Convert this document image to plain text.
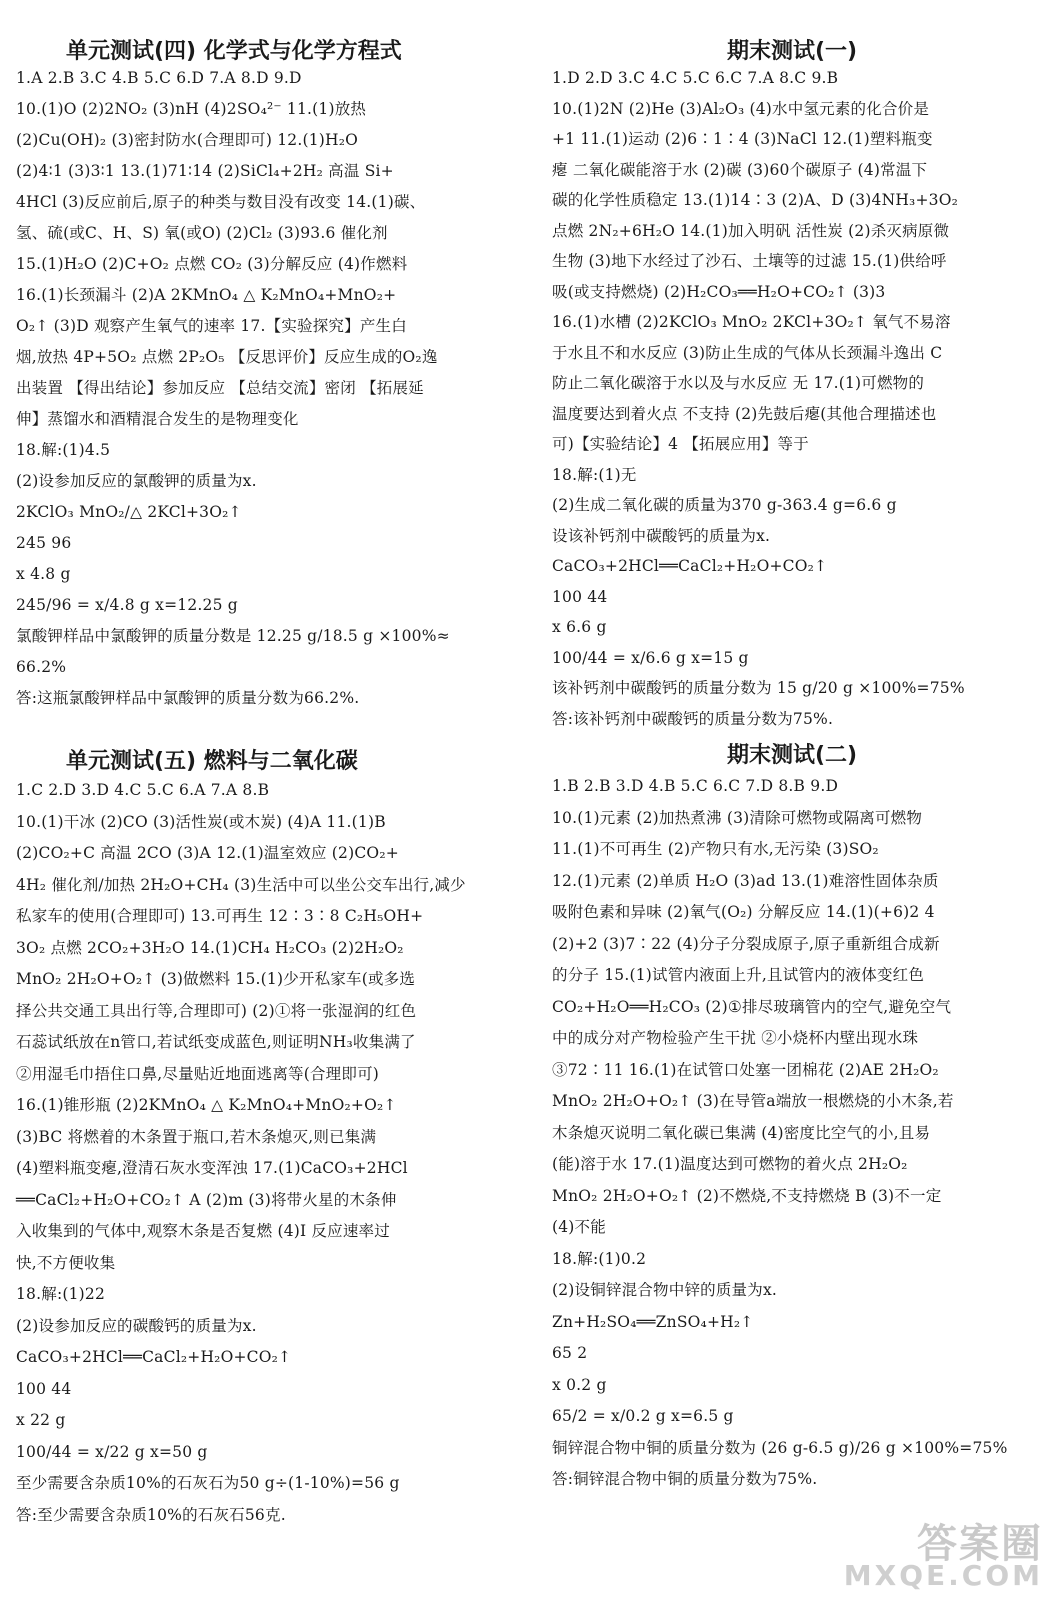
单元测试(四) 化学式与化学方程式
1.A 2.B 3.C 4.B 5.C 6.D 7.A 8.D 9.D
10.(1)O (2)2NO₂ (3)nH (4)2SO₄²⁻ 11.(1)放热
(2)Cu(OH)₂ (3)密封防水(合理即可) 12.(1)H₂O
(2)4∶1 (3)3∶1 13.(1)71∶14 (2)SiCl₄+2H₂ 高温 Si+
4HCl (3)反应前后,原子的种类与数目没有改变 14.(1)碳、
氢、硫(或C、H、S) 氧(或O) (2)Cl₂ (3)93.6 催化剂
15.(1)H₂O (2)C+O₂ 点燃 CO₂ (3)分解反应 (4)作燃料
16.(1)长颈漏斗 (2)A 2KMnO₄ △ K₂MnO₄+MnO₂+
O₂↑ (3)D 观察产生氧气的速率 17.【实验探究】产生白
烟,放热 4P+5O₂ 点燃 2P₂O₅ 【反思评价】反应生成的O₂逸
出装置 【得出结论】参加反应 【总结交流】密闭 【拓展延
伸】蒸馏水和酒精混合发生的是物理变化
18.解:(1)4.5
(2)设参加反应的氯酸钾的质量为x.
2KClO₃ MnO₂/△ 2KCl+3O₂↑
245 96
x 4.8 g
245/96 = x/4.8 g x=12.25 g
氯酸钾样品中氯酸钾的质量分数是 12.25 g/18.5 g ×100%≈
66.2%
答:这瓶氯酸钾样品中氯酸钾的质量分数为66.2%.
单元测试(五) 燃料与二氧化碳
1.C 2.D 3.D 4.C 5.C 6.A 7.A 8.B
10.(1)干冰 (2)CO (3)活性炭(或木炭) (4)A 11.(1)B
(2)CO₂+C 高温 2CO (3)A 12.(1)温室效应 (2)CO₂+
4H₂ 催化剂/加热 2H₂O+CH₄ (3)生活中可以坐公交车出行,减少
私家车的使用(合理即可) 13.可再生 12∶3∶8 C₂H₅OH+
3O₂ 点燃 2CO₂+3H₂O 14.(1)CH₄ H₂CO₃ (2)2H₂O₂
MnO₂ 2H₂O+O₂↑ (3)做燃料 15.(1)少开私家车(或多选
择公共交通工具出行等,合理即可) (2)①将一张湿润的红色
石蕊试纸放在n管口,若试纸变成蓝色,则证明NH₃收集满了
②用湿毛巾捂住口鼻,尽量贴近地面逃离等(合理即可)
16.(1)锥形瓶 (2)2KMnO₄ △ K₂MnO₄+MnO₂+O₂↑
(3)BC 将燃着的木条置于瓶口,若木条熄灭,则已集满
(4)塑料瓶变瘪,澄清石灰水变浑浊 17.(1)CaCO₃+2HCl
══CaCl₂+H₂O+CO₂↑ A (2)m (3)将带火星的木条伸
入收集到的气体中,观察木条是否复燃 (4)Ⅰ 反应速率过
快,不方便收集
18.解:(1)22
(2)设参加反应的碳酸钙的质量为x.
CaCO₃+2HCl══CaCl₂+H₂O+CO₂↑
100 44
x 22 g
100/44 = x/22 g x=50 g
至少需要含杂质10%的石灰石为50 g÷(1-10%)=56 g
答:至少需要含杂质10%的石灰石56克.
期末测试(一)
1.D 2.D 3.C 4.C 5.C 6.C 7.A 8.C 9.B
10.(1)2N (2)He (3)Al₂O₃ (4)水中氢元素的化合价是
+1 11.(1)运动 (2)6∶1∶4 (3)NaCl 12.(1)塑料瓶变
瘪 二氧化碳能溶于水 (2)碳 (3)60个碳原子 (4)常温下
碳的化学性质稳定 13.(1)14∶3 (2)A、D (3)4NH₃+3O₂
点燃 2N₂+6H₂O 14.(1)加入明矾 活性炭 (2)杀灭病原微
生物 (3)地下水经过了沙石、土壤等的过滤 15.(1)供给呼
吸(或支持燃烧) (2)H₂CO₃══H₂O+CO₂↑ (3)3
16.(1)水槽 (2)2KClO₃ MnO₂ 2KCl+3O₂↑ 氧气不易溶
于水且不和水反应 (3)防止生成的气体从长颈漏斗逸出 C
防止二氧化碳溶于水以及与水反应 无 17.(1)可燃物的
温度要达到着火点 不支持 (2)先鼓后瘪(其他合理描述也
可)【实验结论】4 【拓展应用】等于
18.解:(1)无
(2)生成二氧化碳的质量为370 g-363.4 g=6.6 g
设该补钙剂中碳酸钙的质量为x.
CaCO₃+2HCl══CaCl₂+H₂O+CO₂↑
100 44
x 6.6 g
100/44 = x/6.6 g x=15 g
该补钙剂中碳酸钙的质量分数为 15 g/20 g ×100%=75%
答:该补钙剂中碳酸钙的质量分数为75%.
期末测试(二)
1.B 2.B 3.D 4.B 5.C 6.C 7.D 8.B 9.D
10.(1)元素 (2)加热煮沸 (3)清除可燃物或隔离可燃物
11.(1)不可再生 (2)产物只有水,无污染 (3)SO₂
12.(1)元素 (2)单质 H₂O (3)ad 13.(1)难溶性固体杂质
吸附色素和异味 (2)氧气(O₂) 分解反应 14.(1)(+6)2 4
(2)+2 (3)7∶22 (4)分子分裂成原子,原子重新组合成新
的分子 15.(1)试管内液面上升,且试管内的液体变红色
CO₂+H₂O══H₂CO₃ (2)①排尽玻璃管内的空气,避免空气
中的成分对产物检验产生干扰 ②小烧杯内壁出现水珠
③72∶11 16.(1)在试管口处塞一团棉花 (2)AE 2H₂O₂
MnO₂ 2H₂O+O₂↑ (3)在导管a端放一根燃烧的小木条,若
木条熄灭说明二氧化碳已集满 (4)密度比空气的小,且易
(能)溶于水 17.(1)温度达到可燃物的着火点 2H₂O₂
MnO₂ 2H₂O+O₂↑ (2)不燃烧,不支持燃烧 B (3)不一定
(4)不能
18.解:(1)0.2
(2)设铜锌混合物中锌的质量为x.
Zn+H₂SO₄══ZnSO₄+H₂↑
65 2
x 0.2 g
65/2 = x/0.2 g x=6.5 g
铜锌混合物中铜的质量分数为 (26 g-6.5 g)/26 g ×100%=75%
答:铜锌混合物中铜的质量分数为75%.
答案圈
MXQE.COM
